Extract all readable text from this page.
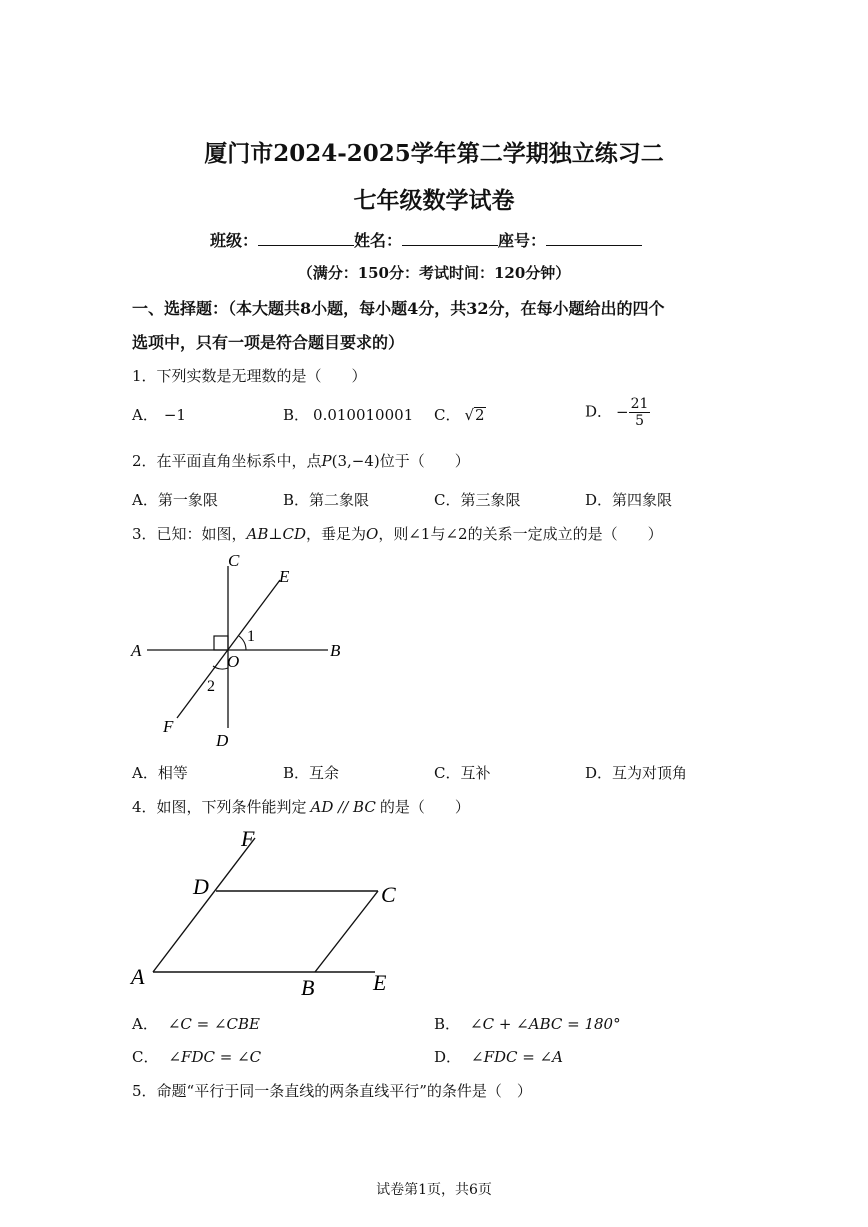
厦门市2024-2025学年第二学期独立练习二
七年级数学试卷
班级：	姓名：	座号：
（满分：150分：考试时间：120分钟）
一、选择题：（本大题共8小题，每小题4分，共32分，在每小题给出的四个
选项中，只有一项是符合题目要求的）
1．下列实数是无理数的是（　　）
A． −1	B． 0.010010001 C． √2	D． − $\frac{21}{5}$
2．在平面直角坐标系中，点P(3,−4)位于（　　）
A．第一象限	B．第二象限	C．第三象限	D．第四象限
3．已知：如图，AB⊥CD，垂足为O，则∠1与∠2的关系一定成立的是（　　）
C
E
A	B
O
1
2
F
D
A．相等	B．互余	C．互补	D．互为对顶角
4．如图，下列条件能判定 AD // BC 的是（　　）
F
D	C
A	B	E
A． ∠C = ∠CBE	B． ∠C + ∠ABC = 180°
C． ∠FDC = ∠C	D． ∠FDC = ∠A
5．命题“平行于同一条直线的两条直线平行”的条件是（　）
试卷第1页，共6页
